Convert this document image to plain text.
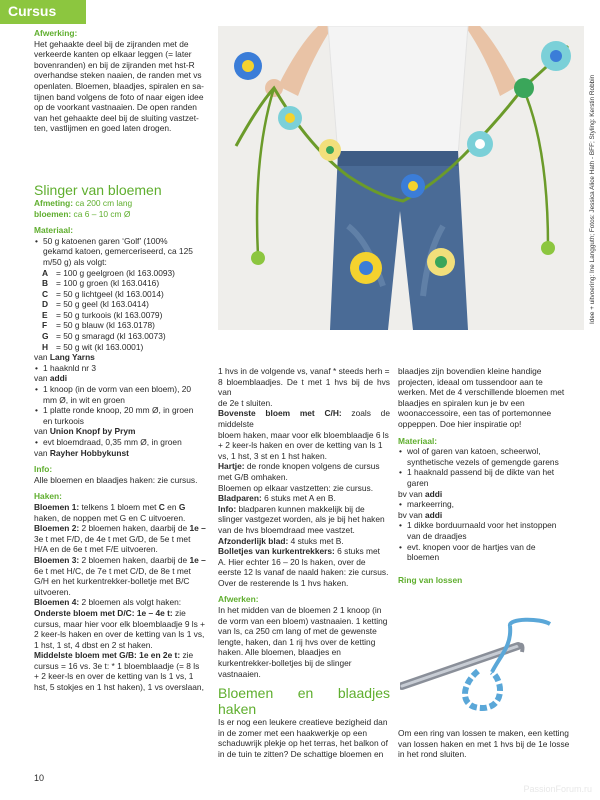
Cursus
Idee + uitvoering: Ine Langguth; Fotos: Jessica Alice Hath - BFF; Styling: Kerstin Robbin

Afwerking:

Het gehaakte deel bij de zijranden met de

verkeerde kanten op elkaar leggen (= later

bovenranden) en bij de zijranden met hst-R

overhandse steken naaien, de randen met vs

openlaten. Bloemen, blaadjes, spiralen en sa-

tijnen band volgens de foto of naar eigen idee

op de voorkant vastnaaien. De open randen

van het gehaakte deel bij de sluiting vastzet-

ten, vastlijmen en goed laten drogen.

Slinger van bloemen

Afmeting: ca 200 cm lang

bloemen: ca 6 – 10 cm Ø

Materiaal:

• 50 g katoenen garen ‘Golf’ (100%

gekamd katoen, gemerceriseerd, ca 125

m/50 g) als volgt:

A = 100 g geelgroen (kl 163.0093)
B = 100 g groen (kl 163.0416)
C = 50 g lichtgeel (kl 163.0014)
D = 50 g geel (kl 163.0414)
E	= 50 g turkoois (kl 163.0079)
F	= 50 g blauw (kl 163.0178)
G = 50 g smaragd (kl 163.0073)
H = 50 g wit (kl 163.0001)

van Lang Yarns

• 1 haaknld nr 3

van addi

• 1 knoop (in de vorm van een bloem), 20

mm Ø, in wit en groen

• 1 platte ronde knoop, 20 mm Ø, in groen

en turkoois

van Union Knopf by Prym

• evt bloemdraad, 0,35 mm Ø, in groen

van Rayher Hobbykunst

Info:

Alle bloemen en blaadjes haken: zie cursus.

Haken:

Bloemen 1: telkens 1 bloem met C en G

haken, de noppen met G en C uitvoeren.

Bloemen 2: 2 bloemen haken, daarbij de 1e –

3e t met F/D, de 4e t met G/D, de 5e t met

H/A en de 6e t met F/E uitvoeren.

Bloemen 3: 2 bloemen haken, daarbij de 1e –

6e t met H/C, de 7e t met C/D, de 8e t met

G/H en het kurkentrekker-bolletje met B/C

uitvoeren.

Bloemen 4: 2 bloemen als volgt haken:

Onderste bloem met D/C: 1e – 4e t: zie

cursus, maar hier voor elk bloemblaadje 9 ls +

2 keer-ls haken en over de ketting van ls 1 vs,

1 hst, 1 st, 4 dbst en 2 st haken.

Middelste bloem met G/B: 1e en 2e t: zie

cursus = 16 vs. 3e t: * 1 bloemblaadje (= 8 ls

+ 2 keer-ls en over de ketting van ls 1 vs, 1

hst, 5 stokjes en 1 hst haken), 1 vs overslaan,

1 hvs in de volgende vs, vanaf * steeds herh =

8 bloemblaadjes. De t met 1 hvs bij de hvs van

de 2e t sluiten.

Bovenste bloem met C/H: zoals de middelste

bloem haken, maar voor elk bloemblaadje 6 ls

+ 2 keer-ls haken en over de ketting van ls 1

vs, 1 hst, 3 st en 1 hst haken.

Hartje: de ronde knopen volgens de cursus

met G/B omhaken.

Bloemen op elkaar vastzetten: zie cursus.

Bladparen: 6 stuks met A en B.

Info: bladparen kunnen makkelijk bij de

slinger vastgezet worden, als je bij het haken

van de hvs bloemdraad mee vastzet.

Afzonderlijk blad: 4 stuks met B.

Bolletjes van kurkentrekkers: 6 stuks met

A. Hier echter 16 – 20 ls haken, over de

eerste 12 ls vanaf de naald haken: zie cursus.

Over de resterende ls 1 hvs haken.

Afwerken:

In het midden van de bloemen 2 1 knoop (in

de vorm van een bloem) vastnaaien. 1 ketting

van ls, ca 250 cm lang of met de gewenste

lengte, haken, dan 1 rij hvs over de ketting

haken. Alle bloemen, blaadjes en

kurkentrekker-bolletjes bij de slinger

vastnaaien.

Bloemen en blaadjes haken

Is er nog een leukere creatieve bezigheid dan

in de zomer met een haakwerkje op een

schaduwrijk plekje op het terras, het balkon of

in de tuin te zitten? De schattige bloemen en

blaadjes zijn bovendien kleine handige

projecten, ideaal om tussendoor aan te

werken. Met de 4 verschillende bloemen met

blaadjes en spiralen kun je bv een

woonaccessoire, een tas of portemonnee

oppeppen. Doe hier inspiratie op!

Materiaal:

• wol of garen van katoen, scheerwol,

synthetische vezels of gemengde garens

• 1 haaknald passend bij de dikte van het

garen

bv van addi

• markeerring,

bv van addi

• 1 dikke borduurnaald voor het instoppen

van de draadjes

• evt. knopen voor de hartjes van de

bloemen

Ring van lossen

Om een ring van lossen te maken, een ketting

van lossen haken en met 1 hvs bij de 1e losse

in het rond sluiten.

10
PassionForum.ru
